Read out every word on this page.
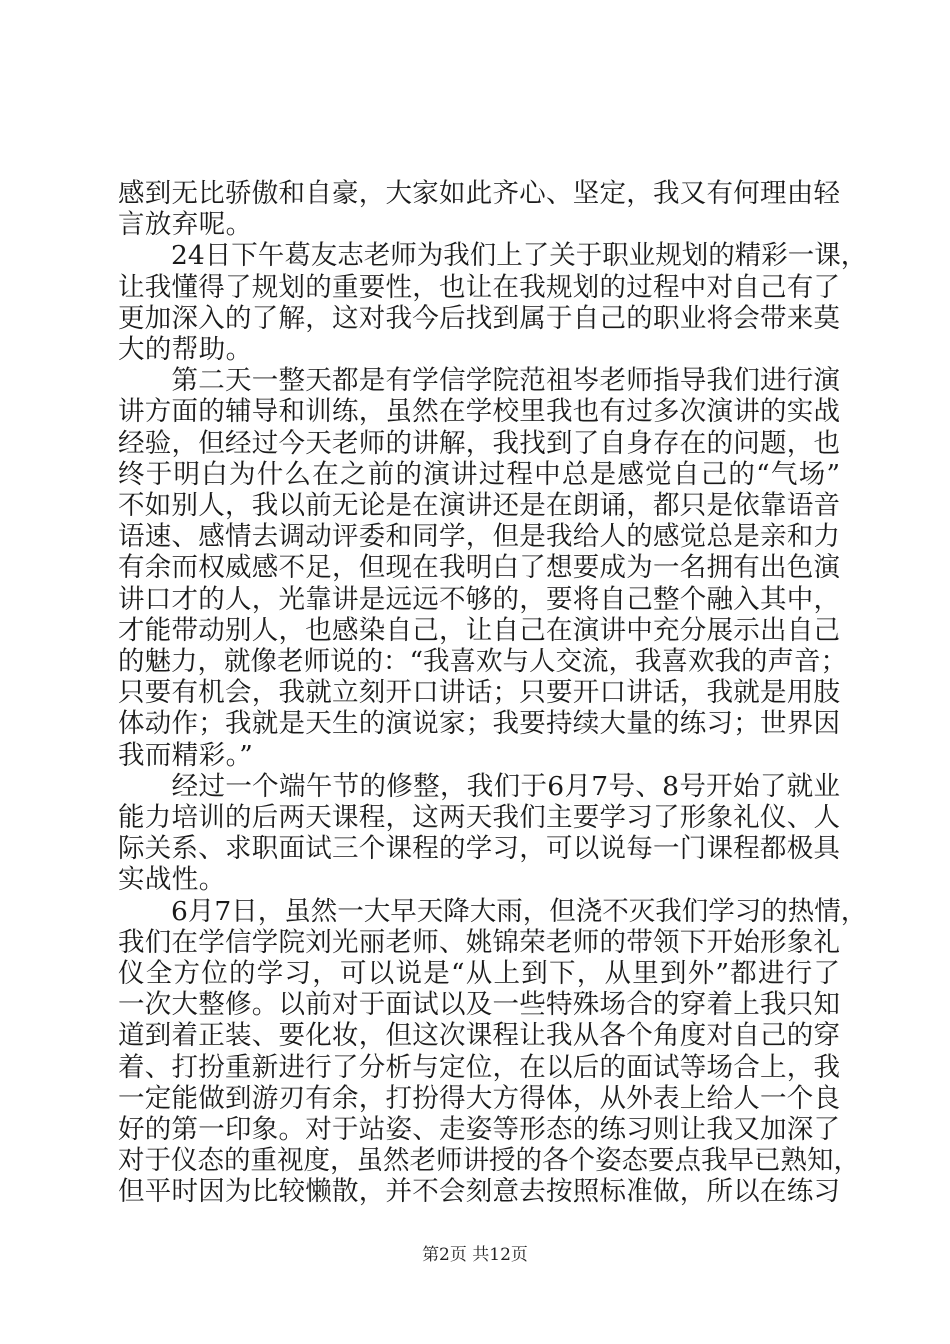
感到无比骄傲和自豪，大家如此齐心、坚定，我又有何理由轻
言放弃呢。
　　24日下午葛友志老师为我们上了关于职业规划的精彩一课，
让我懂得了规划的重要性，也让在我规划的过程中对自己有了
更加深入的了解，这对我今后找到属于自己的职业将会带来莫
大的帮助。
　　第二天一整天都是有学信学院范祖岑老师指导我们进行演
讲方面的辅导和训练，虽然在学校里我也有过多次演讲的实战
经验，但经过今天老师的讲解，我找到了自身存在的问题，也
终于明白为什么在之前的演讲过程中总是感觉自己的“气场”
不如别人，我以前无论是在演讲还是在朗诵，都只是依靠语音
语速、感情去调动评委和同学，但是我给人的感觉总是亲和力
有余而权威感不足，但现在我明白了想要成为一名拥有出色演
讲口才的人，光靠讲是远远不够的，要将自己整个融入其中，
才能带动别人，也感染自己，让自己在演讲中充分展示出自己
的魅力，就像老师说的：“我喜欢与人交流，我喜欢我的声音；
只要有机会，我就立刻开口讲话；只要开口讲话，我就是用肢
体动作；我就是天生的演说家；我要持续大量的练习；世界因
我而精彩。”
　　经过一个端午节的修整，我们于6月7号、8号开始了就业
能力培训的后两天课程，这两天我们主要学习了形象礼仪、人
际关系、求职面试三个课程的学习，可以说每一门课程都极具
实战性。
　　6月7日，虽然一大早天降大雨，但浇不灭我们学习的热情，
我们在学信学院刘光丽老师、姚锦荣老师的带领下开始形象礼
仪全方位的学习，可以说是“从上到下，从里到外”都进行了
一次大整修。以前对于面试以及一些特殊场合的穿着上我只知
道到着正装、要化妆，但这次课程让我从各个角度对自己的穿
着、打扮重新进行了分析与定位，在以后的面试等场合上，我
一定能做到游刃有余，打扮得大方得体，从外表上给人一个良
好的第一印象。对于站姿、走姿等形态的练习则让我又加深了
对于仪态的重视度，虽然老师讲授的各个姿态要点我早已熟知，
但平时因为比较懒散，并不会刻意去按照标准做，所以在练习
第2页 共12页
